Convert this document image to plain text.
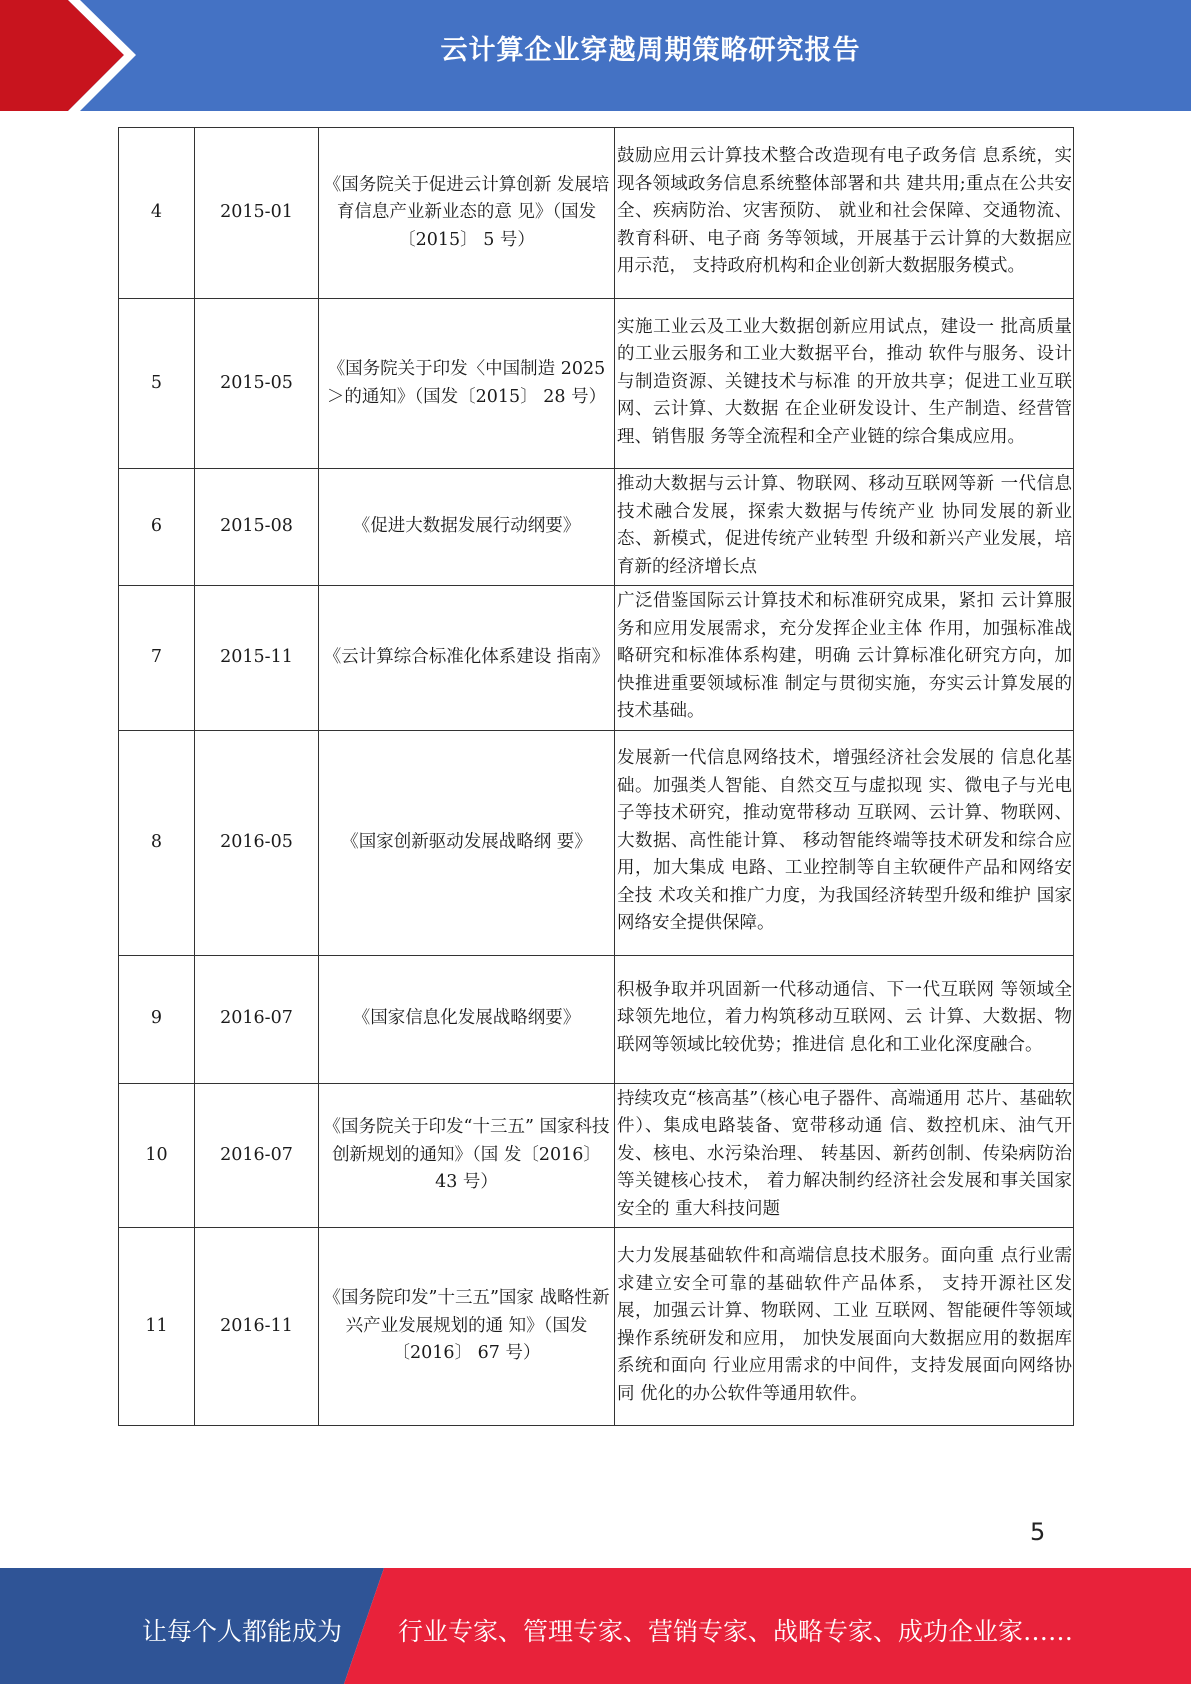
云计算企业穿越周期策略研究报告
4	2015-01	《国务院关于促进云计算创新 发展培育信息产业新业态的意 见》（国发〔2015〕 5 号）	鼓励应用云计算技术整合改造现有电子政务信 息系统，实现各领域政务信息系统整体部署和共 建共用;重点在公共安全、疾病防治、灾害预防、 就业和社会保障、交通物流、教育科研、电子商 务等领域，开展基于云计算的大数据应用示范， 支持政府机构和企业创新大数据服务模式。
5	2015-05	《国务院关于印发〈中国制造 2025＞的通知》（国发〔2015〕 28 号）	实施工业云及工业大数据创新应用试点，建设一 批高质量的工业云服务和工业大数据平台，推动 软件与服务、设计与制造资源、关键技术与标准 的开放共享；促进工业互联网、云计算、大数据 在企业研发设计、生产制造、经营管理、销售服 务等全流程和全产业链的综合集成应用。
6	2015-08	《促进大数据发展行动纲要》	推动大数据与云计算、物联网、移动互联网等新 一代信息技术融合发展，探索大数据与传统产业 协同发展的新业态、新模式，促进传统产业转型 升级和新兴产业发展，培育新的经济增长点
7	2015-11	《云计算综合标准化体系建设 指南》	广泛借鉴国际云计算技术和标准研究成果，紧扣 云计算服务和应用发展需求，充分发挥企业主体 作用，加强标准战略研究和标准体系构建，明确 云计算标准化研究方向，加快推进重要领域标准 制定与贯彻实施，夯实云计算发展的技术基础。
8	2016-05	《国家创新驱动发展战略纲 要》	发展新一代信息网络技术，增强经济社会发展的 信息化基础。加强类人智能、自然交互与虚拟现 实、微电子与光电子等技术研究，推动宽带移动 互联网、云计算、物联网、大数据、高性能计算、 移动智能终端等技术研发和综合应用，加大集成 电路、工业控制等自主软硬件产品和网络安全技 术攻关和推广力度，为我国经济转型升级和维护 国家网络安全提供保障。
9	2016-07	《国家信息化发展战略纲要》	积极争取并巩固新一代移动通信、下一代互联网 等领域全球领先地位，着力构筑移动互联网、云 计算、大数据、物联网等领域比较优势；推进信 息化和工业化深度融合。
10	2016-07	《国务院关于印发“十三五” 国家科技创新规划的通知》（国 发〔2016〕 43 号）	持续攻克“核高基”（核心电子器件、高端通用 芯片、基础软件）、集成电路装备、宽带移动通 信、数控机床、油气开发、核电、水污染治理、 转基因、新药创制、传染病防治等关键核心技术， 着力解决制约经济社会发展和事关国家安全的 重大科技问题
11	2016-11	《国务院印发”十三五”国家 战略性新兴产业发展规划的通 知》（国发〔2016〕 67 号）	大力发展基础软件和高端信息技术服务。面向重 点行业需求建立安全可靠的基础软件产品体系， 支持开源社区发展，加强云计算、物联网、工业 互联网、智能硬件等领域操作系统研发和应用， 加快发展面向大数据应用的数据库系统和面向 行业应用需求的中间件，支持发展面向网络协同 优化的办公软件等通用软件。
5
让每个人都能成为 行业专家、管理专家、营销专家、战略专家、成功企业家……
